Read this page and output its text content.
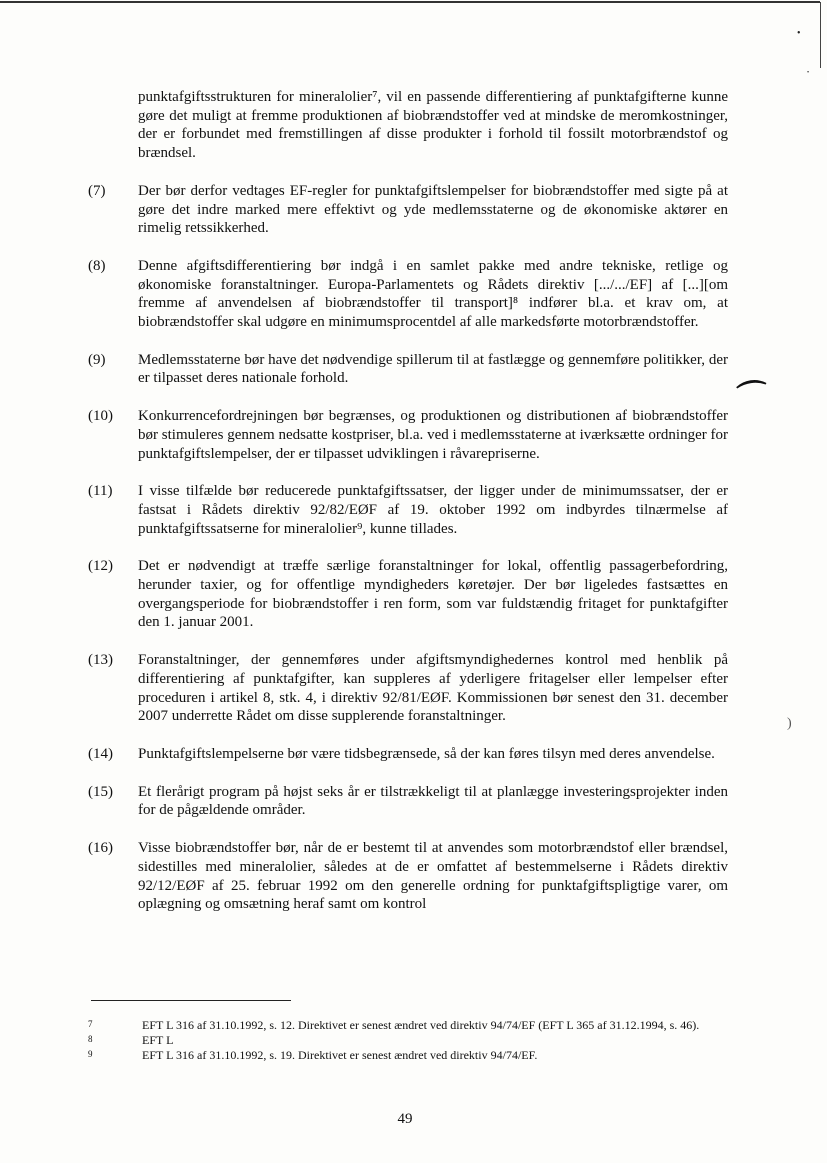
•
•
⌒
)
punktafgiftsstrukturen for mineralolier⁷, vil en passende differentiering af punktafgifterne kunne gøre det muligt at fremme produktionen af biobrændstoffer ved at mindske de meromkostninger, der er forbundet med fremstillingen af disse produkter i forhold til fossilt motorbrændstof og brændsel.
(7)	Der bør derfor vedtages EF-regler for punktafgiftslempelser for biobrændstoffer med sigte på at gøre det indre marked mere effektivt og yde medlemsstaterne og de økonomiske aktører en rimelig retssikkerhed.
(8)	Denne afgiftsdifferentiering bør indgå i en samlet pakke med andre tekniske, retlige og økonomiske foranstaltninger. Europa-Parlamentets og Rådets direktiv [.../.../EF] af [...][om fremme af anvendelsen af biobrændstoffer til transport]⁸ indfører bl.a. et krav om, at biobrændstoffer skal udgøre en minimumsprocentdel af alle markedsførte motorbrændstoffer.
(9)	Medlemsstaterne bør have det nødvendige spillerum til at fastlægge og gennemføre politikker, der er tilpasset deres nationale forhold.
(10)	Konkurrencefordrejningen bør begrænses, og produktionen og distributionen af biobrændstoffer bør stimuleres gennem nedsatte kostpriser, bl.a. ved i medlemsstaterne at iværksætte ordninger for punktafgiftslempelser, der er tilpasset udviklingen i råvarepriserne.
(11)	I visse tilfælde bør reducerede punktafgiftssatser, der ligger under de minimumssatser, der er fastsat i Rådets direktiv 92/82/EØF af 19. oktober 1992 om indbyrdes tilnærmelse af punktafgiftssatserne for mineralolier⁹, kunne tillades.
(12)	Det er nødvendigt at træffe særlige foranstaltninger for lokal, offentlig passagerbefordring, herunder taxier, og for offentlige myndigheders køretøjer. Der bør ligeledes fastsættes en overgangsperiode for biobrændstoffer i ren form, som var fuldstændig fritaget for punktafgifter den 1. januar 2001.
(13)	Foranstaltninger, der gennemføres under afgiftsmyndighedernes kontrol med henblik på differentiering af punktafgifter, kan suppleres af yderligere fritagelser eller lempelser efter proceduren i artikel 8, stk. 4, i direktiv 92/81/EØF. Kommissionen bør senest den 31. december 2007 underrette Rådet om disse supplerende foranstaltninger.
(14)	Punktafgiftslempelserne bør være tidsbegrænsede, så der kan føres tilsyn med deres anvendelse.
(15)	Et flerårigt program på højst seks år er tilstrækkeligt til at planlægge investeringsprojekter inden for de pågældende områder.
(16)	Visse biobrændstoffer bør, når de er bestemt til at anvendes som motorbrændstof eller brændsel, sidestilles med mineralolier, således at de er omfattet af bestemmelserne i Rådets direktiv 92/12/EØF af 25. februar 1992 om den generelle ordning for punktafgiftspligtige varer, om oplægning og omsætning heraf samt om kontrol
7	EFT L 316 af 31.10.1992, s. 12. Direktivet er senest ændret ved direktiv 94/74/EF (EFT L 365 af 31.12.1994, s. 46).
8	EFT L
9	EFT L 316 af 31.10.1992, s. 19. Direktivet er senest ændret ved direktiv 94/74/EF.
49
